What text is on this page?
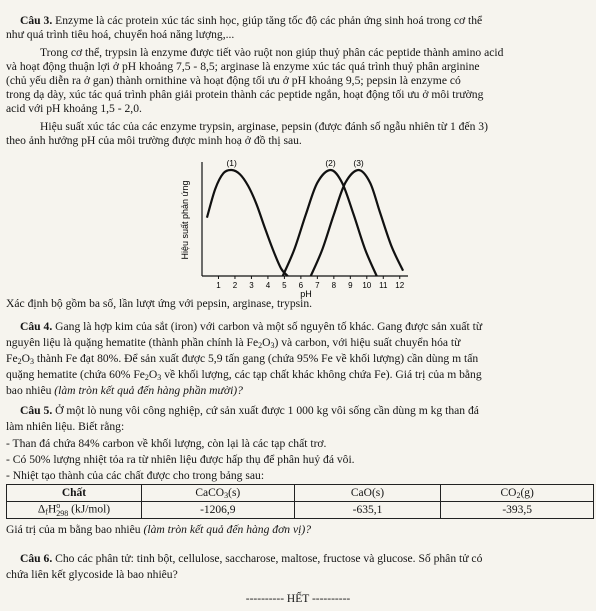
Câu 3. Enzyme là các protein xúc tác sinh học, giúp tăng tốc độ các phản ứng sinh hoá trong cơ thể
như quá trình tiêu hoá, chuyển hoá năng lượng,...
Trong cơ thể, trypsin là enzyme được tiết vào ruột non giúp thuỷ phân các peptide thành amino acid
và hoạt động thuận lợi ở pH khoảng 7,5 - 8,5; arginase là enzyme xúc tác quá trình thuỷ phân arginine
(chủ yếu diễn ra ở gan) thành ornithine và hoạt động tối ưu ở pH khoảng 9,5; pepsin là enzyme có
trong dạ dày, xúc tác quá trình phân giải protein thành các peptide ngắn, hoạt động tối ưu ở môi trường
acid với pH khoảng 1,5 - 2,0.
Hiệu suất xúc tác của các enzyme trypsin, arginase, pepsin (được đánh số ngẫu nhiên từ 1 đến 3)
theo ảnh hưởng pH của môi trường được minh hoạ ở đồ thị sau.
Hiệu suất phản ứng
pH
1 2 3 4 5 6 7 8 9 10 11 12
(1)	(2) (3)
Xác định bộ gồm ba số, lần lượt ứng với pepsin, arginase, trypsin.
Câu 4. Gang là hợp kim của sắt (iron) với carbon và một số nguyên tố khác. Gang được sản xuất từ
nguyên liệu là quặng hematite (thành phần chính là $Fe_2O_3$) và carbon, với hiệu suất chuyển hóa từ
$Fe_2O_3$ thành Fe đạt 80%. Để sản xuất được 5,9 tấn gang (chứa 95% Fe về khối lượng) cần dùng m tấn
quặng hematite (chứa 60% $Fe_2O_3$ về khối lượng, các tạp chất khác không chứa Fe). Giá trị của m bằng
bao nhiêu (làm tròn kết quả đến hàng phần mười)?
Câu 5. Ở một lò nung vôi công nghiệp, cứ sản xuất được 1 000 kg vôi sống cần dùng m kg than đá
làm nhiên liệu. Biết rằng:
- Than đá chứa 84% carbon về khối lượng, còn lại là các tạp chất trơ.
- Có 50% lượng nhiệt tỏa ra từ nhiên liệu được hấp thụ để phân huỷ đá vôi.
- Nhiệt tạo thành của các chất được cho trong bảng sau:
Chất	CaCO$_3$(s)	CaO(s)	$CO_2(g)$
$\Delta_fH$ o
298 (kJ/mol)	-1206,9	-635,1	-393,5
Giá trị của m bằng bao nhiêu (làm tròn kết quả đến hàng đơn vị)?
Câu 6. Cho các phân tử: tinh bột, cellulose, saccharose, maltose, fructose và glucose. Số phân tử có
chứa liên kết glycoside là bao nhiêu?
---------- HẾT ----------
